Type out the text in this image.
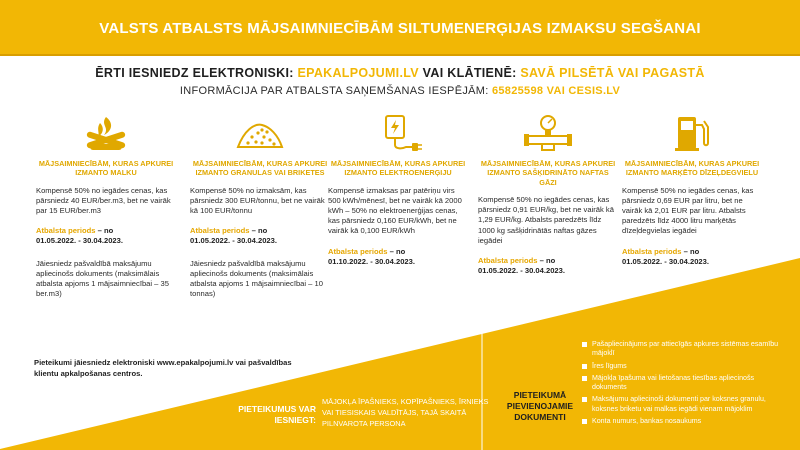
VALSTS ATBALSTS MĀJSAIMNIECĪBĀM SILTUMENERĢIJAS IZMAKSU SEGŠANAI
ĒRTI IESNIEDZ ELEKTRONISKI: EPAKALPOJUMI.LV VAI KLĀTIENĒ: SAVĀ PILSĒTĀ VAI PAGASTĀ
INFORMĀCIJA PAR ATBALSTA SAŅEMŠANAS IESPĒJĀM: 65825598 VAI CESIS.LV
MĀJSAIMNIECĪBĀM, KURAS APKUREI IZMANTO MALKU
Kompensē 50% no iegādes cenas, kas pārsniedz 40 EUR/ber.m3, bet ne vairāk par 15 EUR/ber.m3
Atbalsta periods – no
01.05.2022. - 30.04.2023.
Jāiesniedz pašvaldībā maksājumu apliecinošs dokuments (maksimālais atbalsta apjoms 1 mājsaimniecībai – 35 ber.m3)
MĀJSAIMNIECĪBĀM, KURAS APKUREI IZMANTO GRANULAS VAI BRIKETES
Kompensē 50% no izmaksām, kas pārsniedz 300 EUR/tonnu, bet ne vairāk kā 100 EUR/tonnu
Atbalsta periods – no
01.05.2022. - 30.04.2023.
Jāiesniedz pašvaldībā maksājumu apliecinošs dokuments (maksimālais atbalsta apjoms 1 mājsaimniecībai – 10 tonnas)
MĀJSAIMNIECĪBĀM, KURAS APKUREI IZMANTO ELEKTROENERĢIJU
Kompensē izmaksas par patēriņu virs 500 kWh/mēnesī, bet ne vairāk kā 2000 kWh – 50% no elektroenerģijas cenas, kas pārsniedz 0,160 EUR/kWh, bet ne vairāk kā 0,100 EUR/kWh
Atbalsta periods – no
01.10.2022. - 30.04.2023.
MĀJSAIMNIECĪBĀM, KURAS APKUREI IZMANTO SAŠĶIDRINĀTO NAFTAS GĀZI
Kompensē 50% no iegādes cenas, kas pārsniedz 0,91 EUR/kg, bet ne vairāk kā 1,29 EUR/kg. Atbalsts paredzēts līdz 1000 kg sašķidrinātās naftas gāzes iegādei
Atbalsta periods – no
01.05.2022. - 30.04.2023.
MĀJSAIMNIECĪBĀM, KURAS APKUREI IZMANTO MARĶĒTO DĪZEĻDEGVIELU
Kompensē 50% no iegādes cenas, kas pārsniedz 0,69 EUR par litru, bet ne vairāk kā 2,01 EUR par litru. Atbalsts paredzēts līdz 4000 litru marķētās dīzeļdegvielas iegādei
Atbalsta periods – no
01.05.2022. - 30.04.2023.
Pieteikumi jāiesniedz elektroniski www.epakalpojumi.lv vai pašvaldības klientu apkalpošanas centros.
PIETEIKUMUS VAR IESNIEGT:
MĀJOKĻA ĪPAŠNIEKS, KOPĪPAŠNIEKS, ĪRNIEKS VAI TIESISKAIS VALDĪTĀJS, TAJĀ SKAITĀ PILNVAROTA PERSONA
PIETEIKUMĀ PIEVIENOJAMIE DOKUMENTI
Pašapliecinājums par attiecīgās apkures sistēmas esamību mājoklī
Īres līgums
Mājokļa īpašuma vai lietošanas tiesības apliecinošs dokuments
Maksājumu apliecinoši dokumenti par koksnes granulu, koksnes briketu vai malkas iegādi vienam mājoklim
Konta numurs, bankas nosaukums
